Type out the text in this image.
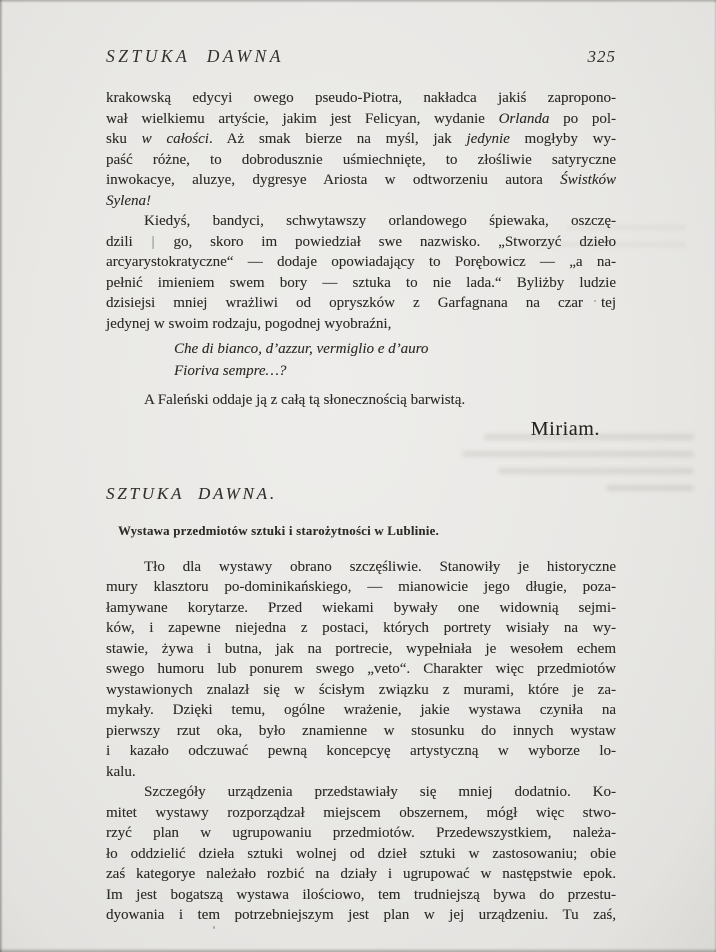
SZTUKA DAWNA	325
krakowską edycyi owego pseudo-Piotra, nakładca jakiś zapropono-
wał wielkiemu artyście, jakim jest Felicyan, wydanie Orlanda po pol-
sku w całości. Aż smak bierze na myśl, jak jedynie mogłyby wy-
paść różne, to dobrodusznie uśmiechnięte, to złośliwie satyryczne
inwokacye, aluzye, dygresye Ariosta w odtworzeniu autora Świstków
Sylena!
Kiedyś, bandyci, schwytawszy orlandowego śpiewaka, oszczę-
dzili | go, skoro im powiedział swe nazwisko. „Stworzyć dzieło
arcyarystokratyczne“ — dodaje opowiadający to Porębowicz — „a na-
pełnić imieniem swem bory — sztuka to nie lada.“ Byliżby ludzie
dzisiejsi mniej wrażliwi od opryszków z Garfagnana na czar tej
jedynej w swoim rodzaju, pogodnej wyobraźni,
Che di bianco, d’azzur, vermiglio e d’auro
Fioriva sempre…?
A Faleński oddaje ją z całą tą słonecznością barwistą.
Miriam.
SZTUKA DAWNA.
Wystawa przedmiotów sztuki i starożytności w Lublinie.
Tło dla wystawy obrano szczęśliwie. Stanowiły je historyczne
mury klasztoru po-dominikańskiego, — mianowicie jego długie, poza-
łamywane korytarze. Przed wiekami bywały one widownią sejmi-
ków, i zapewne niejedna z postaci, których portrety wisiały na wy-
stawie, żywa i butna, jak na portrecie, wypełniała je wesołem echem
swego humoru lub ponurem swego „veto“. Charakter więc przedmiotów
wystawionych znalazł się w ścisłym związku z murami, które je za-
mykały. Dzięki temu, ogólne wrażenie, jakie wystawa czyniła na
pierwszy rzut oka, było znamienne w stosunku do innych wystaw
i kazało odczuwać pewną koncepcyę artystyczną w wyborze lo-
kalu.
Szczegóły urządzenia przedstawiały się mniej dodatnio. Ko-
mitet wystawy rozporządzał miejscem obszernem, mógł więc stwo-
rzyć plan w ugrupowaniu przedmiotów. Przedewszystkiem, należa-
ło oddzielić dzieła sztuki wolnej od dzieł sztuki w zastosowaniu; obie
zaś kategorye należało rozbić na działy i ugrupować w następstwie epok.
Im jest bogatszą wystawa ilościowo, tem trudniejszą bywa do przestu-
dyowania i tem potrzebniejszym jest plan w jej urządzeniu. Tu zaś,
